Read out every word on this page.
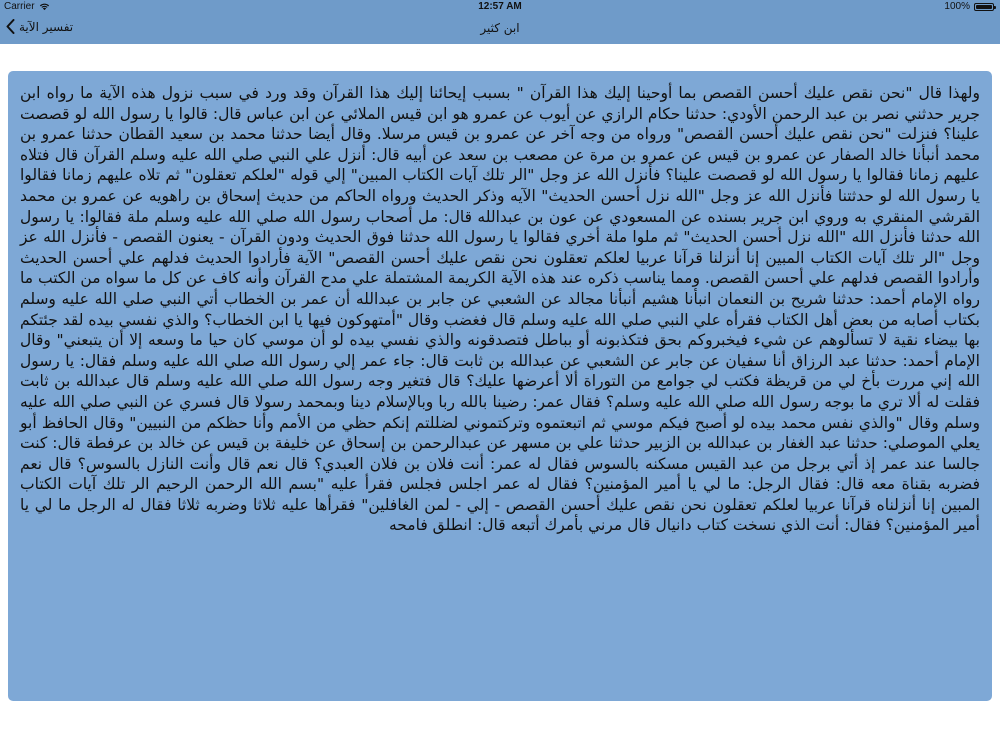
Carrier	12:57 AM	100%
تفسير الآية	ابن كثير

ولهذا قال "نحن نقص عليك أحسن القصص بما أوحينا إليك هذا القرآن " بسبب إيحائنا إليك هذا القرآن وقد ورد في سبب نزول هذه الآية ما رواه ابن جرير حدثني نصر بن عبد الرحمن الأودي: حدثنا حكام الرازي عن أيوب عن عمرو هو ابن قيس الملائي عن ابن عباس قال: قالوا يا رسول الله لو قصصت علينا؟ فنزلت "نحن نقص عليك أحسن القصص" ورواه من وجه آخر عن عمرو بن قيس مرسلا. وقال أيضا حدثنا محمد بن سعيد القطان حدثنا عمرو بن محمد أنبأنا خالد الصفار عن عمرو بن قيس عن عمرو بن مرة عن مصعب بن سعد عن أبيه قال: أنزل علي النبي صلي الله عليه وسلم القرآن قال فتلاه عليهم زمانا فقالوا يا رسول الله لو قصصت علينا؟ فأنزل الله عز وجل "الر تلك آيات الكتاب المبين" إلي قوله "لعلكم تعقلون" ثم تلاه عليهم زمانا فقالوا يا رسول الله لو حدثتنا فأنزل الله عز وجل "الله نزل أحسن الحديث" الآيه وذكر الحديث ورواه الحاكم من حديث إسحاق بن راهويه عن عمرو بن محمد القرشي المنقري به وروي ابن جرير بسنده عن المسعودي عن عون بن عبدالله قال: مل أصحاب رسول الله صلي الله عليه وسلم ملة فقالوا: يا رسول الله حدثنا فأنزل الله "الله نزل أحسن الحديث" ثم ملوا ملة أخري فقالوا يا رسول الله حدثنا فوق الحديث ودون القرآن - يعنون القصص - فأنزل الله عز وجل "الر تلك آيات الكتاب المبين إنا أنزلنا قرآنا عربيا لعلكم تعقلون نحن نقص عليك أحسن القصص" الآية فأرادوا الحديث فدلهم علي أحسن الحديث وأرادوا القصص فدلهم علي أحسن القصص. ومما يناسب ذكره عند هذه الآية الكريمة المشتملة علي مدح القرآن وأنه كاف عن كل ما سواه من الكتب ما رواه الإمام أحمد: حدثنا شريح بن النعمان انبأنا هشيم أنبأنا مجالد عن الشعبي عن جابر بن عبدالله أن عمر بن الخطاب أتي النبي صلي الله عليه وسلم بكتاب أصابه من بعض أهل الكتاب فقرأه علي النبي صلي الله عليه وسلم قال فغضب وقال "أمتهوكون فيها يا ابن الخطاب؟ والذي نفسي بيده لقد جئتكم بها بيضاء نقية لا تسألوهم عن شيء فيخبروكم بحق فتكذبونه أو بباطل فتصدقونه والذي نفسي بيده لو أن موسي كان حيا ما وسعه إلا أن يتبعني" وقال الإمام أحمد: حدثنا عبد الرزاق أنا سفيان عن جابر عن الشعبي عن عبدالله بن ثابت قال: جاء عمر إلي رسول الله صلي الله عليه وسلم فقال: يا رسول الله إني مررت بأخ لي من قريظة فكتب لي جوامع من التوراة ألا أعرضها عليك؟ قال فتغير وجه رسول الله صلي الله عليه وسلم قال عبدالله بن ثابت فقلت له ألا تري ما بوجه رسول الله صلي الله عليه وسلم؟ فقال عمر: رضينا بالله ربا وبالإسلام دينا وبمحمد رسولا قال فسري عن النبي صلي الله عليه وسلم وقال "والذي نفس محمد بيده لو أصبح فيكم موسي ثم اتبعتموه وتركتموني لضللتم إنكم حظي من الأمم وأنا حظكم من النبيين" وقال الحافظ أبو يعلي الموصلي: حدثنا عبد الغفار بن عبدالله بن الزبير حدثنا علي بن مسهر عن عبدالرحمن بن إسحاق عن خليفة بن قيس عن خالد بن عرفطة قال: كنت جالسا عند عمر إذ أتي برجل من عبد القيس مسكنه بالسوس فقال له عمر: أنت فلان بن فلان العبدي؟ قال نعم قال وأنت النازل بالسوس؟ قال نعم فضربه بقناة معه قال: فقال الرجل: ما لي يا أمير المؤمنين؟ فقال له عمر اجلس فجلس فقرأ عليه "بسم الله الرحمن الرحيم الر تلك آيات الكتاب المبين إنا أنزلناه قرآنا عربيا لعلكم تعقلون نحن نقص عليك أحسن القصص - إلي - لمن الغافلين" فقرأها عليه ثلاثا وضربه ثلاثا فقال له الرجل ما لي يا أمير المؤمنين؟ فقال: أنت الذي نسخت كتاب دانيال قال مرني بأمرك أتبعه قال: انطلق فامحه
